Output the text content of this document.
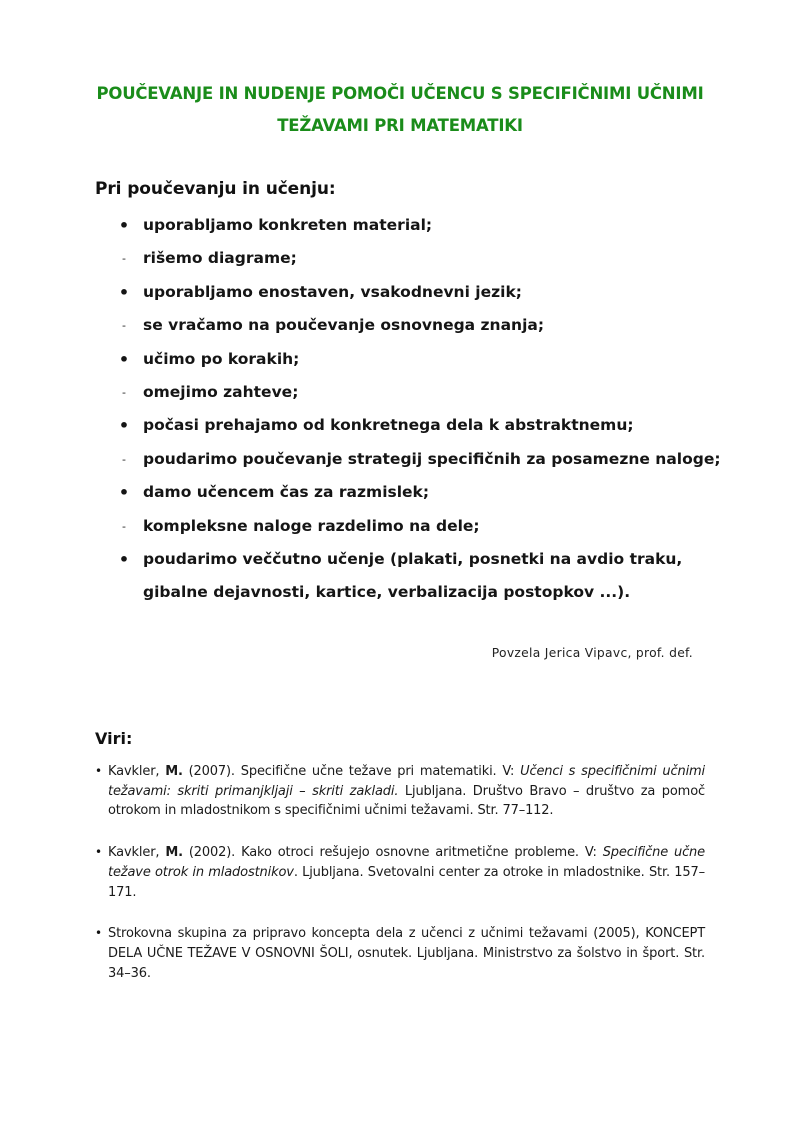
POUČEVANJE IN NUDENJE POMOČI UČENCU S SPECIFIČNIMI UČNIMI
TEŽAVAMI PRI MATEMATIKI
Pri poučevanju in učenju:
• uporabljamo konkreten material;
-	rišemo diagrame;
• uporabljamo enostaven, vsakodnevni jezik;
-	se vračamo na poučevanje osnovnega znanja;
• učimo po korakih;
-	omejimo zahteve;
• počasi prehajamo od konkretnega dela k abstraktnemu;
-	poudarimo poučevanje strategij specifičnih za posamezne naloge;
• damo učencem čas za razmislek;
-	kompleksne naloge razdelimo na dele;
• poudarimo veččutno učenje (plakati, posnetki na avdio traku,
gibalne dejavnosti, kartice, verbalizacija postopkov ...).
Povzela Jerica Vipavc, prof. def.
Viri:
• Kavkler, M. (2007). Specifične učne težave pri matematiki. V: Učenci s specifičnimi učnimi težavami: skriti primanjkljaji – skriti zakladi. Ljubljana. Društvo Bravo – društvo za pomoč otrokom in mladostnikom s specifičnimi učnimi težavami. Str. 77–112.
• Kavkler, M. (2002). Kako otroci rešujejo osnovne aritmetične probleme. V: Specifične učne težave otrok in mladostnikov. Ljubljana. Svetovalni center za otroke in mladostnike. Str. 157–171.
• Strokovna skupina za pripravo koncepta dela z učenci z učnimi težavami (2005), KONCEPT DELA UČNE TEŽAVE V OSNOVNI ŠOLI, osnutek. Ljubljana. Ministrstvo za šolstvo in šport. Str. 34–36.
